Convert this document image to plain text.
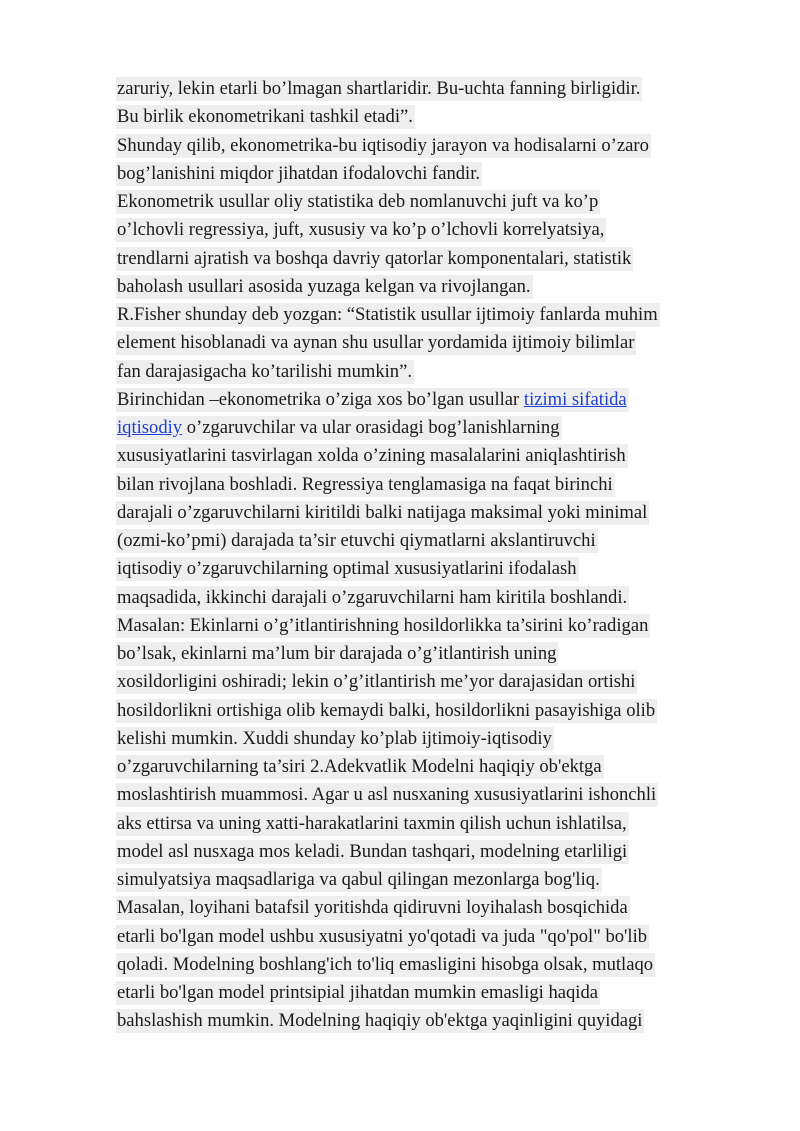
zaruriy, lekin etarli bo’lmagan shartlaridir. Bu-uchta fanning birligidir.
Bu birlik ekonometrikani tashkil etadi”.
Shunday qilib, ekonometrika-bu iqtisodiy jarayon va hodisalarni o’zaro
bog’lanishini miqdor jihatdan ifodalovchi fandir.
Ekonometrik usullar oliy statistika deb nomlanuvchi juft va ko’p
o’lchovli regressiya, juft, xususiy va ko’p o’lchovli korrelyatsiya,
trendlarni ajratish va boshqa davriy qatorlar komponentalari, statistik
baholash usullari asosida yuzaga kelgan va rivojlangan.
R.Fisher shunday deb yozgan: “Statistik usullar ijtimoiy fanlarda muhim
element hisoblanadi va aynan shu usullar yordamida ijtimoiy bilimlar
fan darajasigacha ko’tarilishi mumkin”.
Birinchidan –ekonometrika o’ziga xos bo’lgan usullar tizimi sifatida
iqtisodiy o’zgaruvchilar va ular orasidagi bog’lanishlarning
xususiyatlarini tasvirlagan xolda o’zining masalalarini aniqlashtirish
bilan rivojlana boshladi. Regressiya tenglamasiga na faqat birinchi
darajali o’zgaruvchilarni kiritildi balki natijaga maksimal yoki minimal
(ozmi-ko’pmi) darajada ta’sir etuvchi qiymatlarni akslantiruvchi
iqtisodiy o’zgaruvchilarning optimal xususiyatlarini ifodalash
maqsadida, ikkinchi darajali o’zgaruvchilarni ham kiritila boshlandi.
Masalan: Ekinlarni o’g’itlantirishning hosildorlikka ta’sirini ko’radigan
bo’lsak, ekinlarni ma’lum bir darajada o’g’itlantirish uning
xosildorligini oshiradi; lekin o’g’itlantirish me’yor darajasidan ortishi
hosildorlikni ortishiga olib kemaydi balki, hosildorlikni pasayishiga olib
kelishi mumkin. Xuddi shunday ko’plab ijtimoiy-iqtisodiy
o’zgaruvchilarning ta’siri 2.Adekvatlik Modelni haqiqiy ob'ektga
moslashtirish muammosi. Agar u asl nusxaning xususiyatlarini ishonchli
aks ettirsa va uning xatti-harakatlarini taxmin qilish uchun ishlatilsa,
model asl nusxaga mos keladi. Bundan tashqari, modelning etarliligi
simulyatsiya maqsadlariga va qabul qilingan mezonlarga bog'liq.
Masalan, loyihani batafsil yoritishda qidiruvni loyihalash bosqichida
etarli bo'lgan model ushbu xususiyatni yo'qotadi va juda "qo'pol" bo'lib
qoladi. Modelning boshlang'ich to'liq emasligini hisobga olsak, mutlaqo
etarli bo'lgan model printsipial jihatdan mumkin emasligi haqida
bahslashish mumkin. Modelning haqiqiy ob'ektga yaqinligini quyidagi
